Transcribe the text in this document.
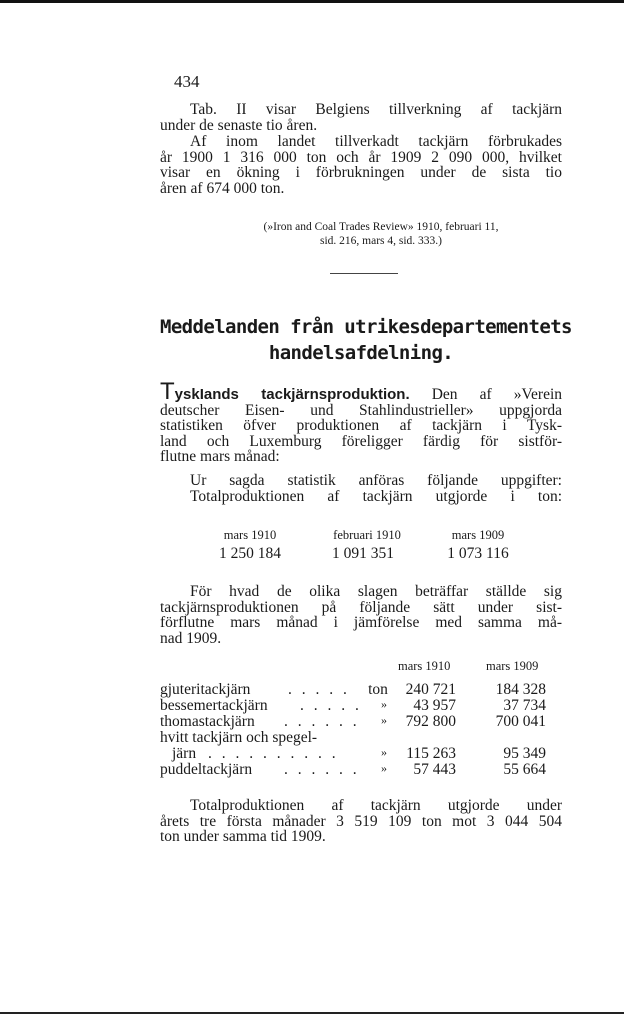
434
Tab. II visar Belgiens tillverkning af tackjärn
under de senaste tio åren.
Af inom landet tillverkadt tackjärn förbrukades
år 1900 1 316 000 ton och år 1909 2 090 000, hvilket
visar en ökning i förbrukningen under de sista tio
åren af 674 000 ton.
(»Iron and Coal Trades Review» 1910, februari 11,
sid. 216, mars 4, sid. 333.)
Meddelanden från utrikesdepartementets
handelsafdelning.
TyskIands tackjärnsproduktion. Den af »Verein
deutscher Eisen- und Stahlindustrieller» uppgjorda
statistiken öfver produktionen af tackjärn i Tysk-
land och Luxemburg föreligger färdig för sistför-
flutne mars månad:
Ur sagda statistik anföras följande uppgifter:
Totalproduktionen af tackjärn utgjorde i ton:
mars 1910	februari 1910	mars 1909
1 250 184	1 091 351	1 073 116
För hvad de olika slagen beträffar ställde sig
tackjärnsproduktionen på följande sätt under sist-
förflutne mars månad i jämförelse med samma må-
nad 1909.
mars 1910	mars 1909
gjuteritackjärn . . . . . ton 240 721	184 328
bessemertackjärn . . . . .	»	43 957	37 734
thomastackjärn . . . . . .	»	792 800	700 041
hvitt tackjärn och spegel-
järn . . . . . . . . . .	»	115 263	95 349
puddeltackjärn . . . . . .	»	57 443	55 664
Totalproduktionen af tackjärn utgjorde under
årets tre första månader 3 519 109 ton mot 3 044 504
ton under samma tid 1909.
